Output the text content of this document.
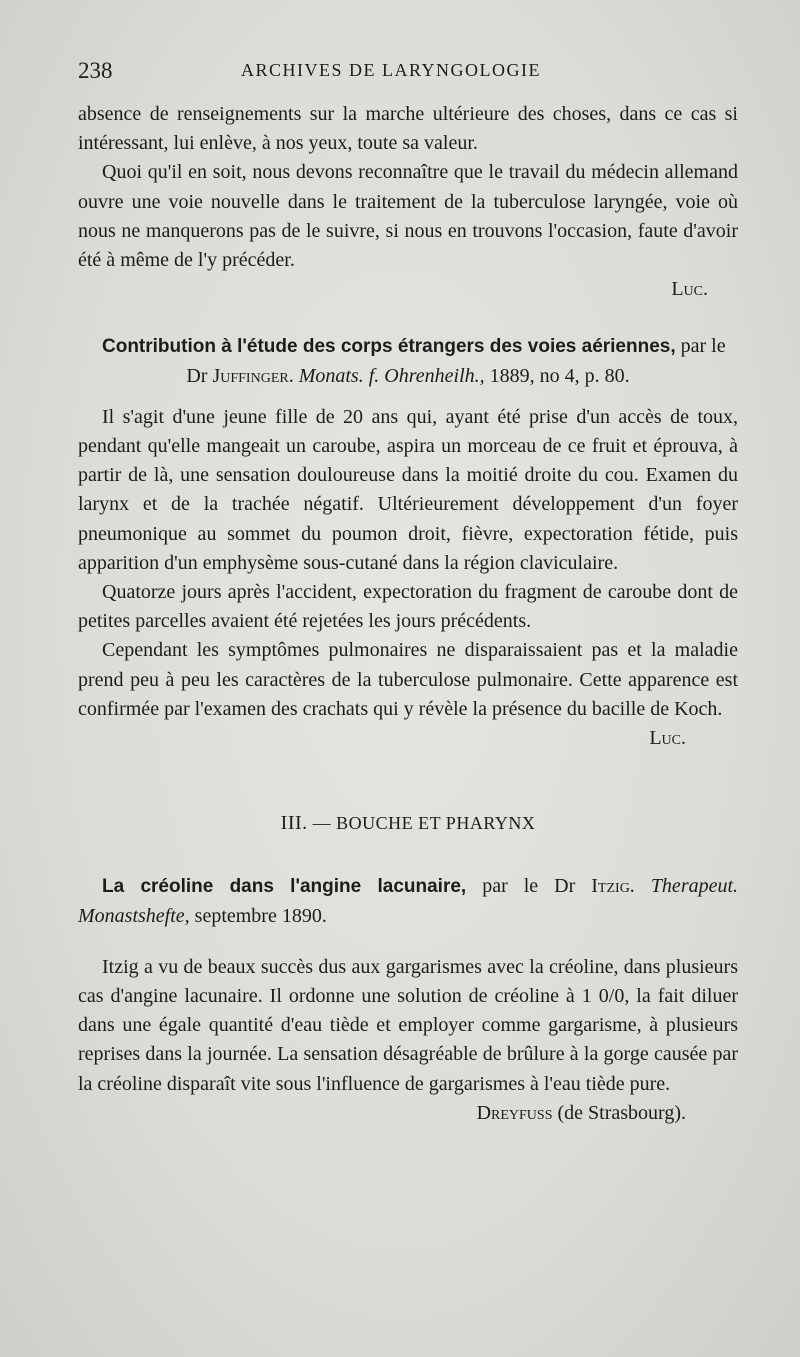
238	ARCHIVES DE LARYNGOLOGIE

absence de renseignements sur la marche ultérieure des choses, dans ce cas si intéressant, lui enlève, à nos yeux, toute sa valeur.

Quoi qu'il en soit, nous devons reconnaître que le travail du médecin allemand ouvre une voie nouvelle dans le traitement de la tuberculose laryngée, voie où nous ne manquerons pas de le suivre, si nous en trouvons l'occasion, faute d'avoir été à même de l'y précéder.

Luc.

Contribution à l'étude des corps étrangers des voies aériennes, par le

Dr Juffinger. Monats. f. Ohrenheilh., 1889, no 4, p. 80.

Il s'agit d'une jeune fille de 20 ans qui, ayant été prise d'un accès de toux, pendant qu'elle mangeait un caroube, aspira un morceau de ce fruit et éprouva, à partir de là, une sensation douloureuse dans la moitié droite du cou. Examen du larynx et de la trachée négatif. Ultérieurement développement d'un foyer pneumonique au sommet du poumon droit, fièvre, expectoration fétide, puis apparition d'un emphysème sous-cutané dans la région claviculaire.

Quatorze jours après l'accident, expectoration du fragment de caroube dont de petites parcelles avaient été rejetées les jours précédents.

Cependant les symptômes pulmonaires ne disparaissaient pas et la maladie prend peu à peu les caractères de la tuberculose pulmonaire. Cette apparence est confirmée par l'examen des crachats qui y révèle la présence du bacille de Koch.

Luc.

III. — BOUCHE ET PHARYNX

La créoline dans l'angine lacunaire, par le Dr Itzig. Therapeut. Monastshefte, septembre 1890.

Itzig a vu de beaux succès dus aux gargarismes avec la créoline, dans plusieurs cas d'angine lacunaire. Il ordonne une solution de créoline à 1 0/0, la fait diluer dans une égale quantité d'eau tiède et employer comme gargarisme, à plusieurs reprises dans la journée. La sensation désagréable de brûlure à la gorge causée par la créoline disparaît vite sous l'influence de gargarismes à l'eau tiède pure.

Dreyfuss (de Strasbourg).
